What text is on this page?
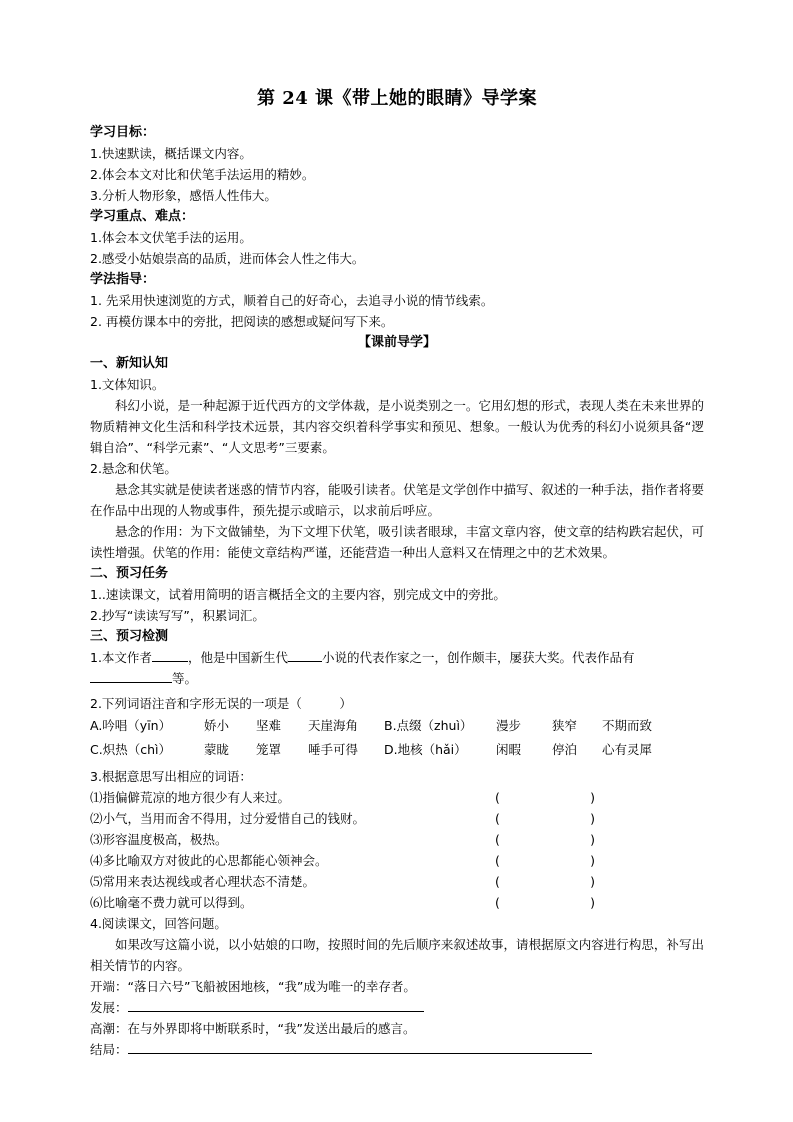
第 24 课《带上她的眼睛》导学案
学习目标：
1.快速默读，概括课文内容。
2.体会本文对比和伏笔手法运用的精妙。
3.分析人物形象，感悟人性伟大。
学习重点、难点：
1.体会本文伏笔手法的运用。
2.感受小姑娘崇高的品质，进而体会人性之伟大。
学法指导：
1. 先采用快速浏览的方式，顺着自己的好奇心，去追寻小说的情节线索。
2. 再模仿课本中的旁批，把阅读的感想或疑问写下来。
【课前导学】
一、新知认知
1.文体知识。
科幻小说，是一种起源于近代西方的文学体裁，是小说类别之一。它用幻想的形式，表现人类在未来世界的物质精神文化生活和科学技术远景，其内容交织着科学事实和预见、想象。一般认为优秀的科幻小说须具备“逻辑自洽”、“科学元素”、“人文思考”三要素。
2.悬念和伏笔。
悬念其实就是使读者迷惑的情节内容，能吸引读者。伏笔是文学创作中描写、叙述的一种手法，指作者将要在作品中出现的人物或事件，预先提示或暗示，以求前后呼应。
悬念的作用：为下文做铺垫，为下文埋下伏笔，吸引读者眼球，丰富文章内容，使文章的结构跌宕起伏，可读性增强。伏笔的作用：能使文章结构严谨，还能营造一种出人意料又在情理之中的艺术效果。
二、预习任务
1..速读课文，试着用简明的语言概括全文的主要内容，别完成文中的旁批。
2.抄写“读读写写”，积累词汇。
三、预习检测
1.本文作者	，他是中国新生代	小说的代表作家之一，创作颇丰，屡获大奖。代表作品有
等。
2.下列词语注音和字形无误的一项是（　　　）
A.吟唱（yīn）	娇小	坚难	天崖海角	B.点缀（zhuì）	漫步	狭窄	不期而致
C.炽热（chì）	蒙眬	笼罩	唾手可得	D.地核（hǎi）	闲暇	停泊	心有灵犀
3.根据意思写出相应的词语：
⑴指偏僻荒凉的地方很少有人来过。	(	)
⑵小气，当用而舍不得用，过分爱惜自己的钱财。	(	)
⑶形容温度极高，极热。	(	)
⑷多比喻双方对彼此的心思都能心领神会。	(	)
⑸常用来表达视线或者心理状态不清楚。	(	)
⑹比喻毫不费力就可以得到。	(	)
4.阅读课文，回答问题。
如果改写这篇小说，以小姑娘的口吻，按照时间的先后顺序来叙述故事，请根据原文内容进行构思，补写出相关情节的内容。
开端：“落日六号”飞船被困地核，“我”成为唯一的幸存者。
发展：
高潮：在与外界即将中断联系时，“我”发送出最后的感言。
结局：
